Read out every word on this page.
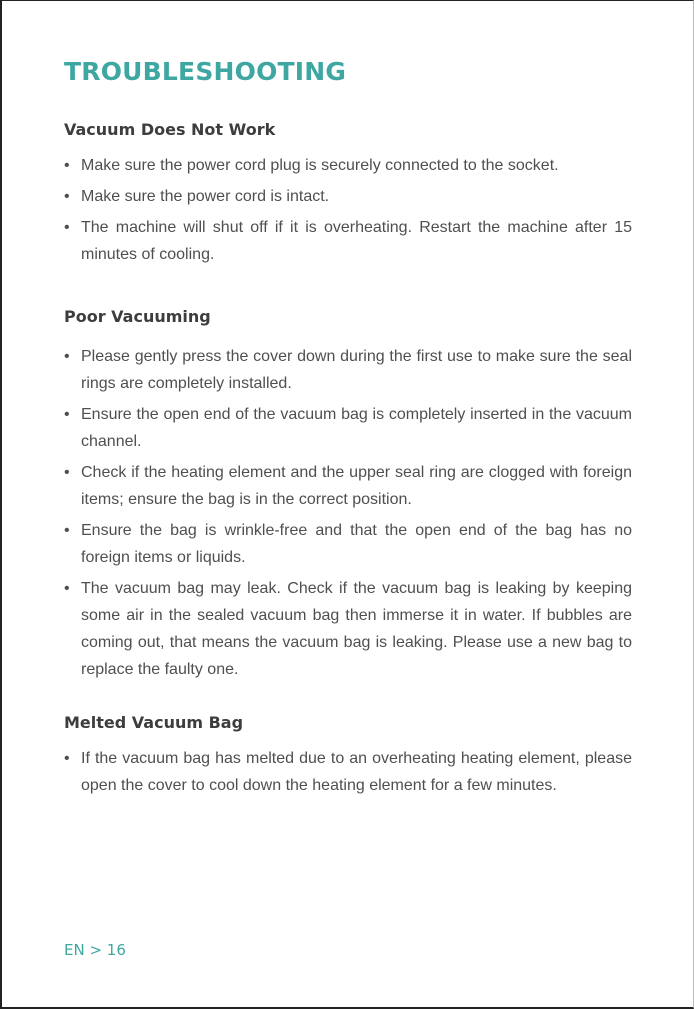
TROUBLESHOOTING
Vacuum Does Not Work
• Make sure the power cord plug is securely connected to the socket.
• Make sure the power cord is intact.
• The machine will shut off if it is overheating. Restart the machine after 15 minutes of cooling.
Poor Vacuuming
• Please gently press the cover down during the first use to make sure the seal rings are completely installed.
• Ensure the open end of the vacuum bag is completely inserted in the vacuum channel.
• Check if the heating element and the upper seal ring are clogged with foreign items; ensure the bag is in the correct position.
• Ensure the bag is wrinkle-free and that the open end of the bag has no foreign items or liquids.
• The vacuum bag may leak. Check if the vacuum bag is leaking by keeping some air in the sealed vacuum bag then immerse it in water. If bubbles are coming out, that means the vacuum bag is leaking. Please use a new bag to replace the faulty one.
Melted Vacuum Bag
• If the vacuum bag has melted due to an overheating heating element, please open the cover to cool down the heating element for a few minutes.
EN > 16
